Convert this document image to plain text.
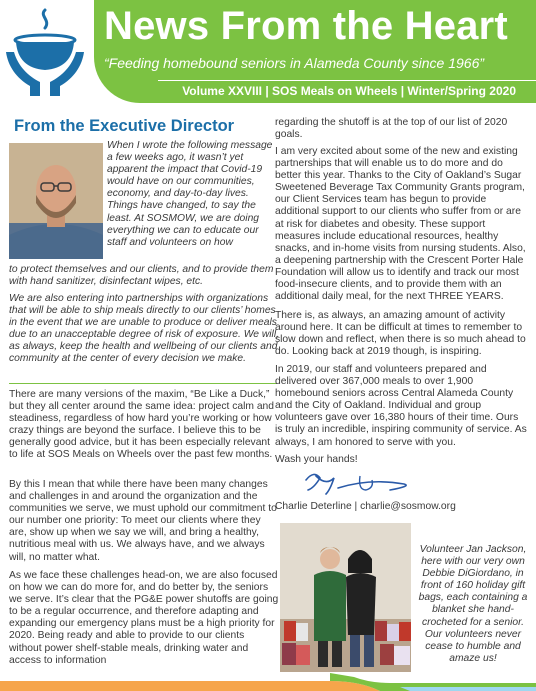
News From the Heart
“Feeding homebound seniors in Alameda County since 1966”
Volume XXVIII | SOS Meals on Wheels | Winter/Spring 2020
From the Executive Director
When I wrote the following message a few weeks ago, it wasn’t yet apparent the impact that Covid-19 would have on our communities, economy, and day-to-day lives. Things have changed, to say the least. At SOSMOW, we are doing everything we can to educate our staff and volunteers on how
to protect themselves and our clients, and to provide them with hand sanitizer, disinfectant wipes, etc.
We are also entering into partnerships with organizations that will be able to ship meals directly to our clients’ homes in the event that we are unable to produce or deliver meals due to an unacceptable degree of risk of exposure. We will, as always, keep the health and wellbeing of our clients and community at the center of every decision we make.
There are many versions of the maxim, “Be Like a Duck,” but they all center around the same idea: project calm and steadiness, regardless of how hard you’re working or how crazy things are beyond the surface. I believe this to be generally good advice, but it has been especially relevant to life at SOS Meals on Wheels over the past few months.
By this I mean that while there have been many changes and challenges in and around the organization and the communities we serve, we must uphold our commitment to our number one priority: To meet our clients where they are, show up when we say we will, and bring a healthy, nutritious meal with us. We always have, and we always will, no matter what.
As we face these challenges head-on, we are also focused on how we can do more for, and do better by, the seniors we serve. It’s clear that the PG&E power shutoffs are going to be a regular occurrence, and therefore adapting and expanding our emergency plans must be a high priority for 2020. Being ready and able to provide to our clients without power shelf-stable meals, drinking water and access to information
regarding the shutoff is at the top of our list of 2020 goals.
I am very excited about some of the new and existing partnerships that will enable us to do more and do better this year. Thanks to the City of Oakland’s Sugar Sweetened Beverage Tax Community Grants program, our Client Services team has begun to provide additional support to our clients who suffer from or are at risk for diabetes and obesity. These support measures include educational resources, healthy snacks, and in-home visits from nursing students. Also, a deepening partnership with the Crescent Porter Hale Foundation will allow us to identify and track our most food-insecure clients, and to provide them with an additional daily meal, for the next THREE YEARS.
There is, as always, an amazing amount of activity around here. It can be difficult at times to remember to slow down and reflect, when there is so much ahead to do. Looking back at 2019 though, is inspiring.
In 2019, our staff and volunteers prepared and delivered over 367,000 meals to over 1,900 homebound seniors across Central Alameda County and the City of Oakland. Individual and group volunteers gave over 16,380 hours of their time. Ours is truly an incredible, inspiring community of service. As always, I am honored to serve with you.
Wash your hands!
Charlie Deterline | charlie@sosmow.org
Volunteer Jan Jackson, here with our very own Debbie DiGiordano, in front of 160 holiday gift bags, each containing a blanket she hand-crocheted for a senior. Our volunteers never cease to humble and amaze us!
